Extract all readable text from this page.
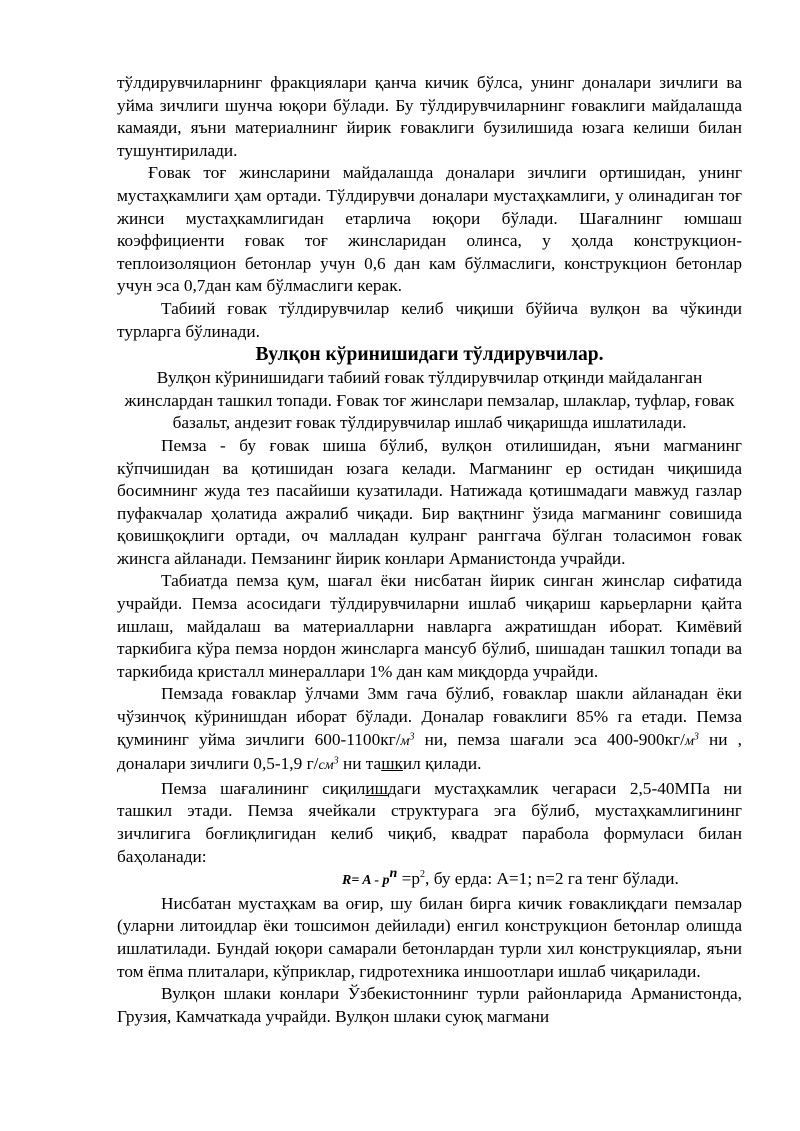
тўлдирувчиларнинг фракциялари қанча кичик бўлса, унинг доналари зичлиги ва уйма зичлиги шунча юқори бўлади. Бу тўлдирувчиларнинг ғоваклиги майдалашда камаяди, яъни материалнинг йирик ғоваклиги бузилишида юзага келиши билан тушунтирилади.

Ғовак тоғ жинсларини майдалашда доналари зичлиги ортишидан, унинг мустаҳкамлиги ҳам ортади. Тўлдирувчи доналари мустаҳкамлиги, у олинадиган тоғ жинси мустаҳкамлигидан етарлича юқори бўлади. Шағалнинг юмшаш коэффициенти ғовак тоғ жинсларидан олинса, у ҳолда конструкцион- теплоизоляцион бетонлар учун 0,6 дан кам бўлмаслиги, конструкцион бетонлар учун эса 0,7дан кам бўлмаслиги керак.

Табиий ғовак тўлдирувчилар келиб чиқиши бўйича вулқон ва чўкинди турларга бўлинади.

Вулқон кўринишидаги тўлдирувчилар.

Вулқон кўринишидаги табиий ғовак тўлдирувчилар отқинди майдаланган жинслардан ташкил топади. Ғовак тоғ жинслари пемзалар, шлаклар, туфлар, ғовак базальт, андезит ғовак тўлдирувчилар ишлаб чиқаришда ишлатилади.

Пемза - бу ғовак шиша бўлиб, вулқон отилишидан, яъни магманинг кўпчишидан ва қотишидан юзага келади. Магманинг ер остидан чиқишида босимнинг жуда тез пасайиши кузатилади. Натижада қотишмадаги мавжуд газлар пуфакчалар ҳолатида ажралиб чиқади. Бир вақтнинг ўзида магманинг совишида қовишқоқлиги ортади, оч малладан кулранг ранггача бўлган толасимон ғовак жинсга айланади. Пемзанинг йирик конлари Арманистонда учрайди.

Табиатда пемза қум, шағал ёки нисбатан йирик синган жинслар сифатида учрайди. Пемза асосидаги тўлдирувчиларни ишлаб чиқариш карьерларни қайта ишлаш, майдалаш ва материалларни навларга ажратишдан иборат. Кимёвий таркибига кўра пемза нордон жинсларга мансуб бўлиб, шишадан ташкил топади ва таркибида кристалл минераллари 1% дан кам миқдорда учрайди.

Пемзада ғоваклар ўлчами 3мм гача бўлиб, ғоваклар шакли айланадан ёки чўзинчоқ кўринишдан иборат бўлади. Доналар ғоваклиги 85% га етади. Пемза қумининг уйма зичлиги $600-1100кг/м^3$ ни, пемза шағали эса $400-900кг/м^3$ ни , доналари зичлиги 0,5-1,9 $г/см^3$ ни ташкил қилади.

Пемза шағалининг сиқилишдаги мустаҳкамлик чегараси 2,5-40МПа ни ташкил этади. Пемза ячейкали структурага эга бўлиб, мустаҳкамлигининг зичлигига боғлиқлигидан келиб чиқиб, квадрат парабола формуласи билан баҳоланади:

$R= A - p^n =p^2$, бу ерда: A=1; n=2 га тенг бўлади.

Нисбатан мустаҳкам ва оғир, шу билан бирга кичик ғоваклиқдаги пемзалар (уларни литоидлар ёки тошсимон дейилади) енгил конструкцион бетонлар олишда ишлатилади. Бундай юқори самарали бетонлардан турли хил конструкциялар, яъни том ёпма плиталари, кўприклар, гидротехника иншоотлари ишлаб чиқарилади.

Вулқон шлаки конлари Ўзбекистоннинг турли районларида Арманистонда, Грузия, Камчаткада учрайди. Вулқон шлаки суюқ магмани
